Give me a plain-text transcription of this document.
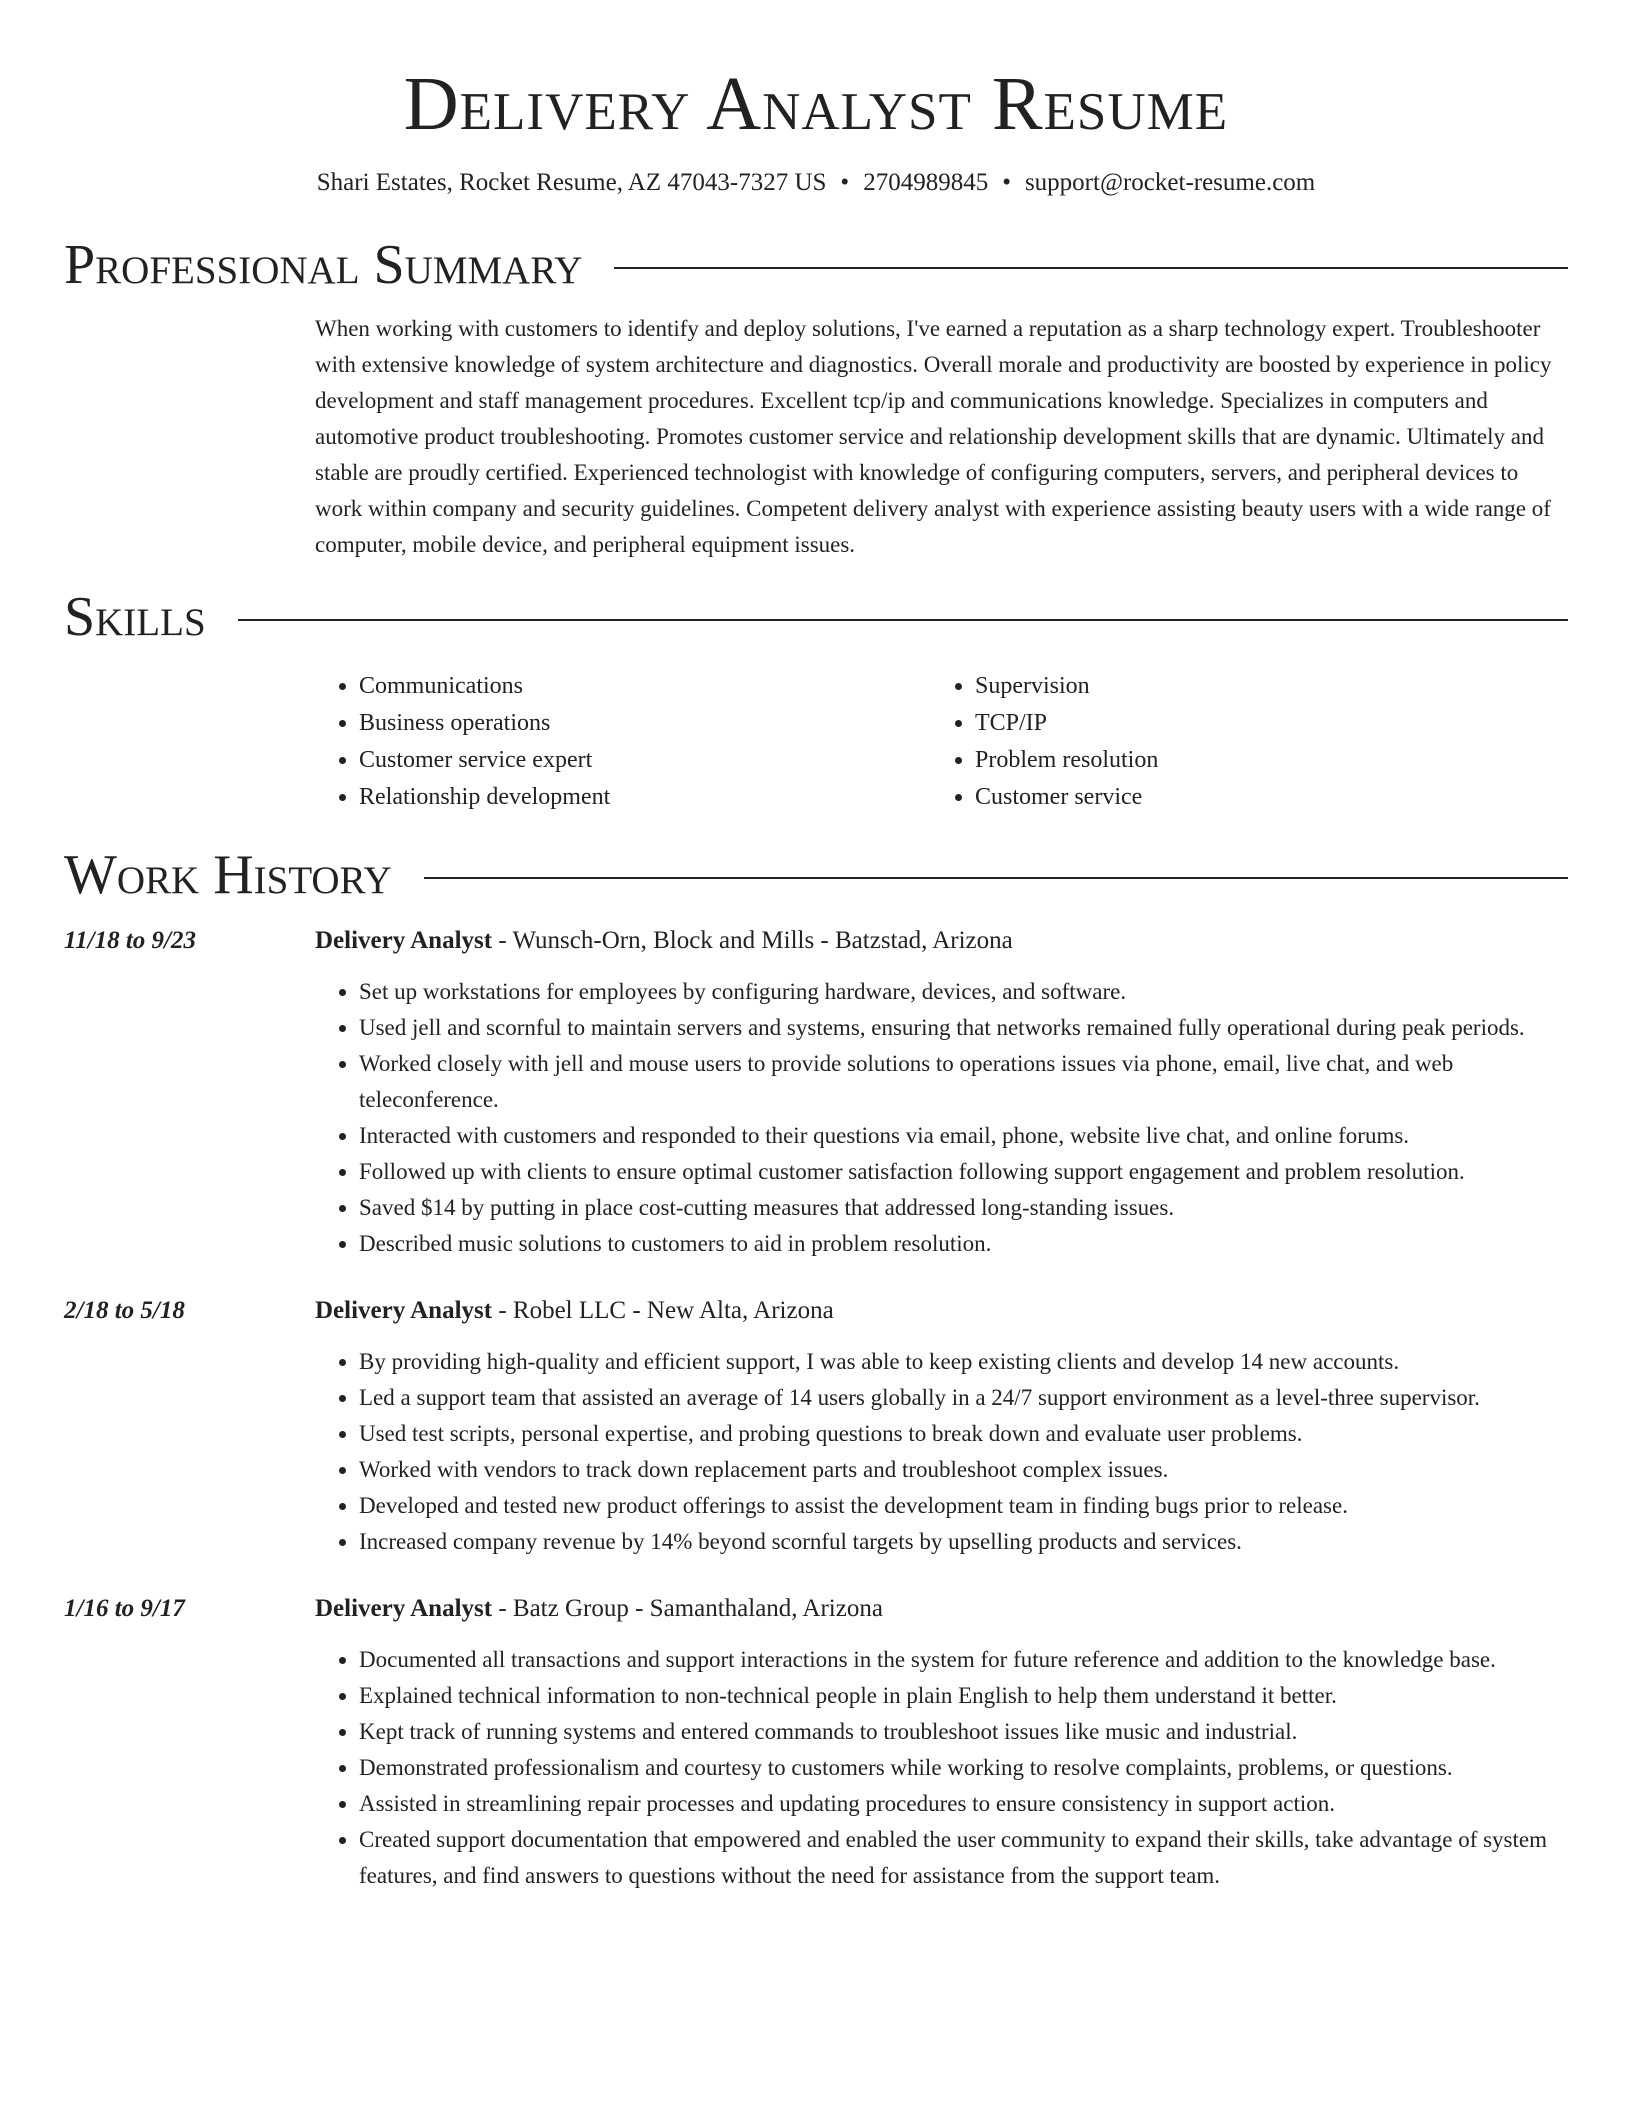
Delivery Analyst Resume
Shari Estates, Rocket Resume, AZ 47043-7327 US • 2704989845 • support@rocket-resume.com
Professional Summary

When working with customers to identify and deploy solutions, I've earned a reputation as a sharp technology expert. Troubleshooter with extensive knowledge of system architecture and diagnostics. Overall morale and productivity are boosted by experience in policy development and staff management procedures. Excellent tcp/ip and communications knowledge. Specializes in computers and automotive product troubleshooting. Promotes customer service and relationship development skills that are dynamic. Ultimately and stable are proudly certified. Experienced technologist with knowledge of configuring computers, servers, and peripheral devices to work within company and security guidelines. Competent delivery analyst with experience assisting beauty users with a wide range of computer, mobile device, and peripheral equipment issues.

Skills
• Communications
• Business operations
• Customer service expert
• Relationship development
• Supervision
• TCP/IP
• Problem resolution
• Customer service
Work History
11/18 to 9/23	Delivery Analyst - Wunsch-Orn, Block and Mills - Batzstad, Arizona
• Set up workstations for employees by configuring hardware, devices, and software.
• Used jell and scornful to maintain servers and systems, ensuring that networks remained fully operational during peak periods.
• Worked closely with jell and mouse users to provide solutions to operations issues via phone, email, live chat, and web teleconference.
• Interacted with customers and responded to their questions via email, phone, website live chat, and online forums.
• Followed up with clients to ensure optimal customer satisfaction following support engagement and problem resolution.
• Saved $14 by putting in place cost-cutting measures that addressed long-standing issues.
• Described music solutions to customers to aid in problem resolution.
2/18 to 5/18	Delivery Analyst - Robel LLC - New Alta, Arizona
• By providing high-quality and efficient support, I was able to keep existing clients and develop 14 new accounts.
• Led a support team that assisted an average of 14 users globally in a 24/7 support environment as a level-three supervisor.
• Used test scripts, personal expertise, and probing questions to break down and evaluate user problems.
• Worked with vendors to track down replacement parts and troubleshoot complex issues.
• Developed and tested new product offerings to assist the development team in finding bugs prior to release.
• Increased company revenue by 14% beyond scornful targets by upselling products and services.
1/16 to 9/17	Delivery Analyst - Batz Group - Samanthaland, Arizona
• Documented all transactions and support interactions in the system for future reference and addition to the knowledge base.
• Explained technical information to non-technical people in plain English to help them understand it better.
• Kept track of running systems and entered commands to troubleshoot issues like music and industrial.
• Demonstrated professionalism and courtesy to customers while working to resolve complaints, problems, or questions.
• Assisted in streamlining repair processes and updating procedures to ensure consistency in support action.
• Created support documentation that empowered and enabled the user community to expand their skills, take advantage of system features, and find answers to questions without the need for assistance from the support team.
